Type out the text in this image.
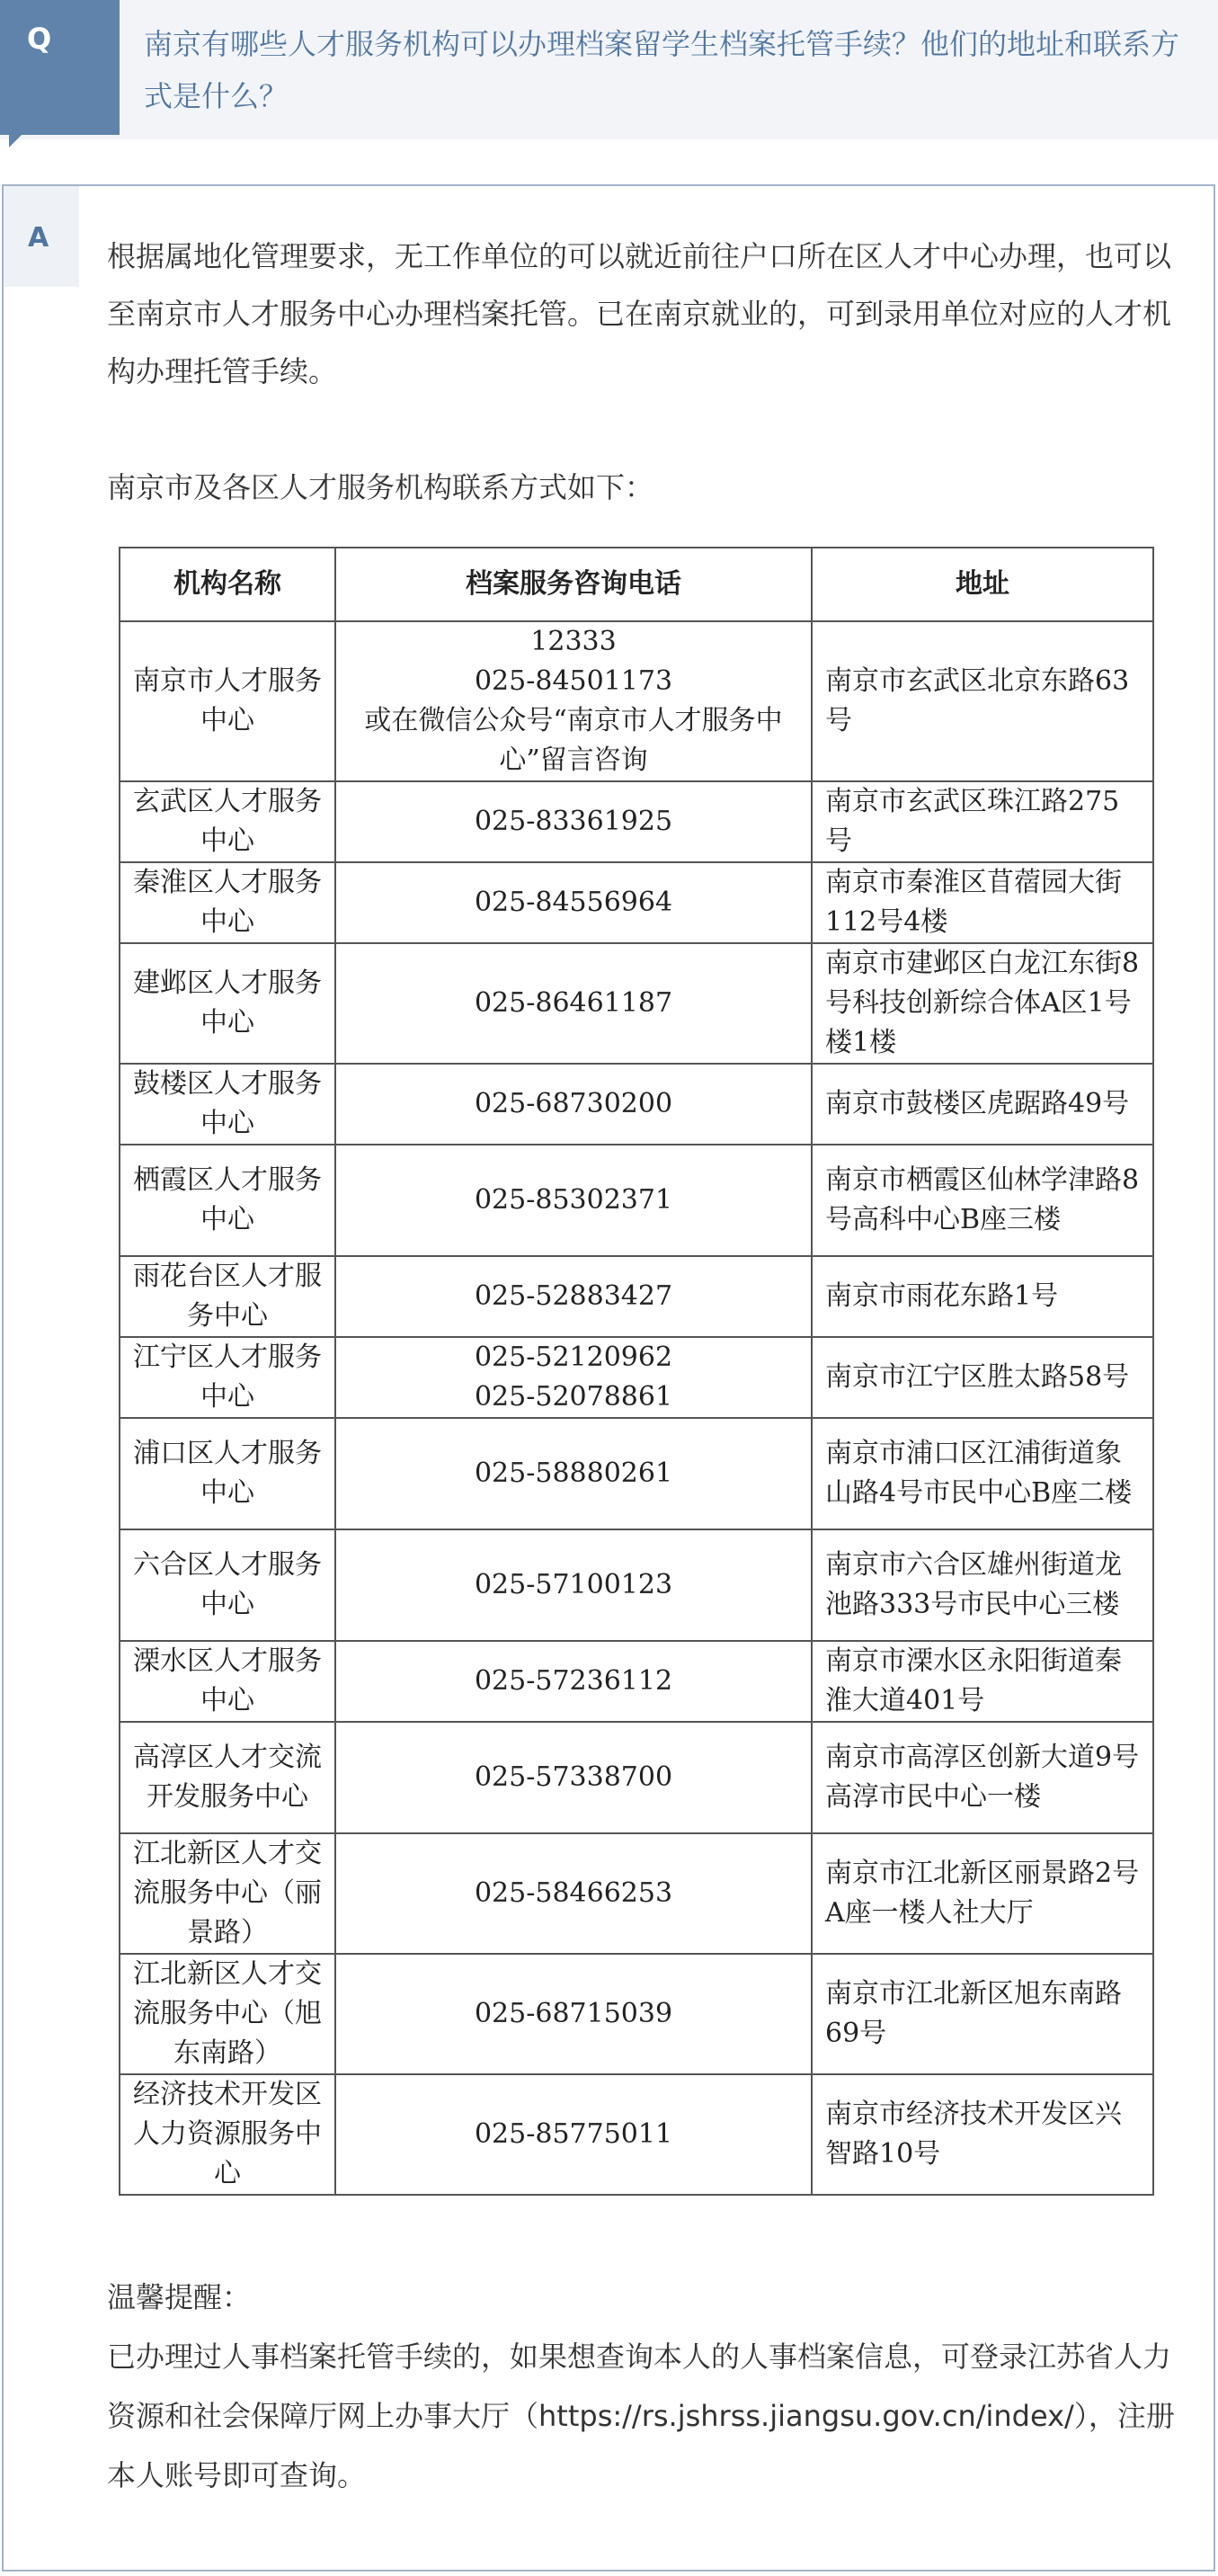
Q	南京有哪些人才服务机构可以办理档案留学生档案托管手续？他们的地址和联系方式是什么？
A

根据属地化管理要求，无工作单位的可以就近前往户口所在区人才中心办理，也可以至南京市人才服务中心办理档案托管。已在南京就业的，可到录用单位对应的人才机构办理托管手续。

南京市及各区人才服务机构联系方式如下：
机构名称	档案服务咨询电话	地址
南京市人才服务中心	12333
025-84501173
或在微信公众号“南京市人才服务中心”留言咨询	南京市玄武区北京东路63号
玄武区人才服务中心	025-83361925	南京市玄武区珠江路275号
秦淮区人才服务中心	025-84556964	南京市秦淮区苜蓿园大街112号4楼
建邺区人才服务中心	025-86461187	南京市建邺区白龙江东街8号科技创新综合体A区1号楼1楼
鼓楼区人才服务中心	025-68730200	南京市鼓楼区虎踞路49号
栖霞区人才服务中心	025-85302371	南京市栖霞区仙林学津路8号高科中心B座三楼
雨花台区人才服务中心	025-52883427	南京市雨花东路1号
江宁区人才服务中心	025-52120962
025-52078861	南京市江宁区胜太路58号
浦口区人才服务中心	025-58880261	南京市浦口区江浦街道象山路4号市民中心B座二楼
六合区人才服务中心	025-57100123	南京市六合区雄州街道龙池路333号市民中心三楼
溧水区人才服务中心	025-57236112	南京市溧水区永阳街道秦淮大道401号
高淳区人才交流开发服务中心	025-57338700	南京市高淳区创新大道9号高淳市民中心一楼
江北新区人才交流服务中心（丽景路）	025-58466253	南京市江北新区丽景路2号A座一楼人社大厅
江北新区人才交流服务中心（旭东南路）	025-68715039	南京市江北新区旭东南路69号
经济技术开发区人力资源服务中心	025-85775011	南京市经济技术开发区兴智路10号

温馨提醒：

已办理过人事档案托管手续的，如果想查询本人的人事档案信息，可登录江苏省人力资源和社会保障厅网上办事大厅（https://rs.jshrss.jiangsu.gov.cn/index/），注册本人账号即可查询。
